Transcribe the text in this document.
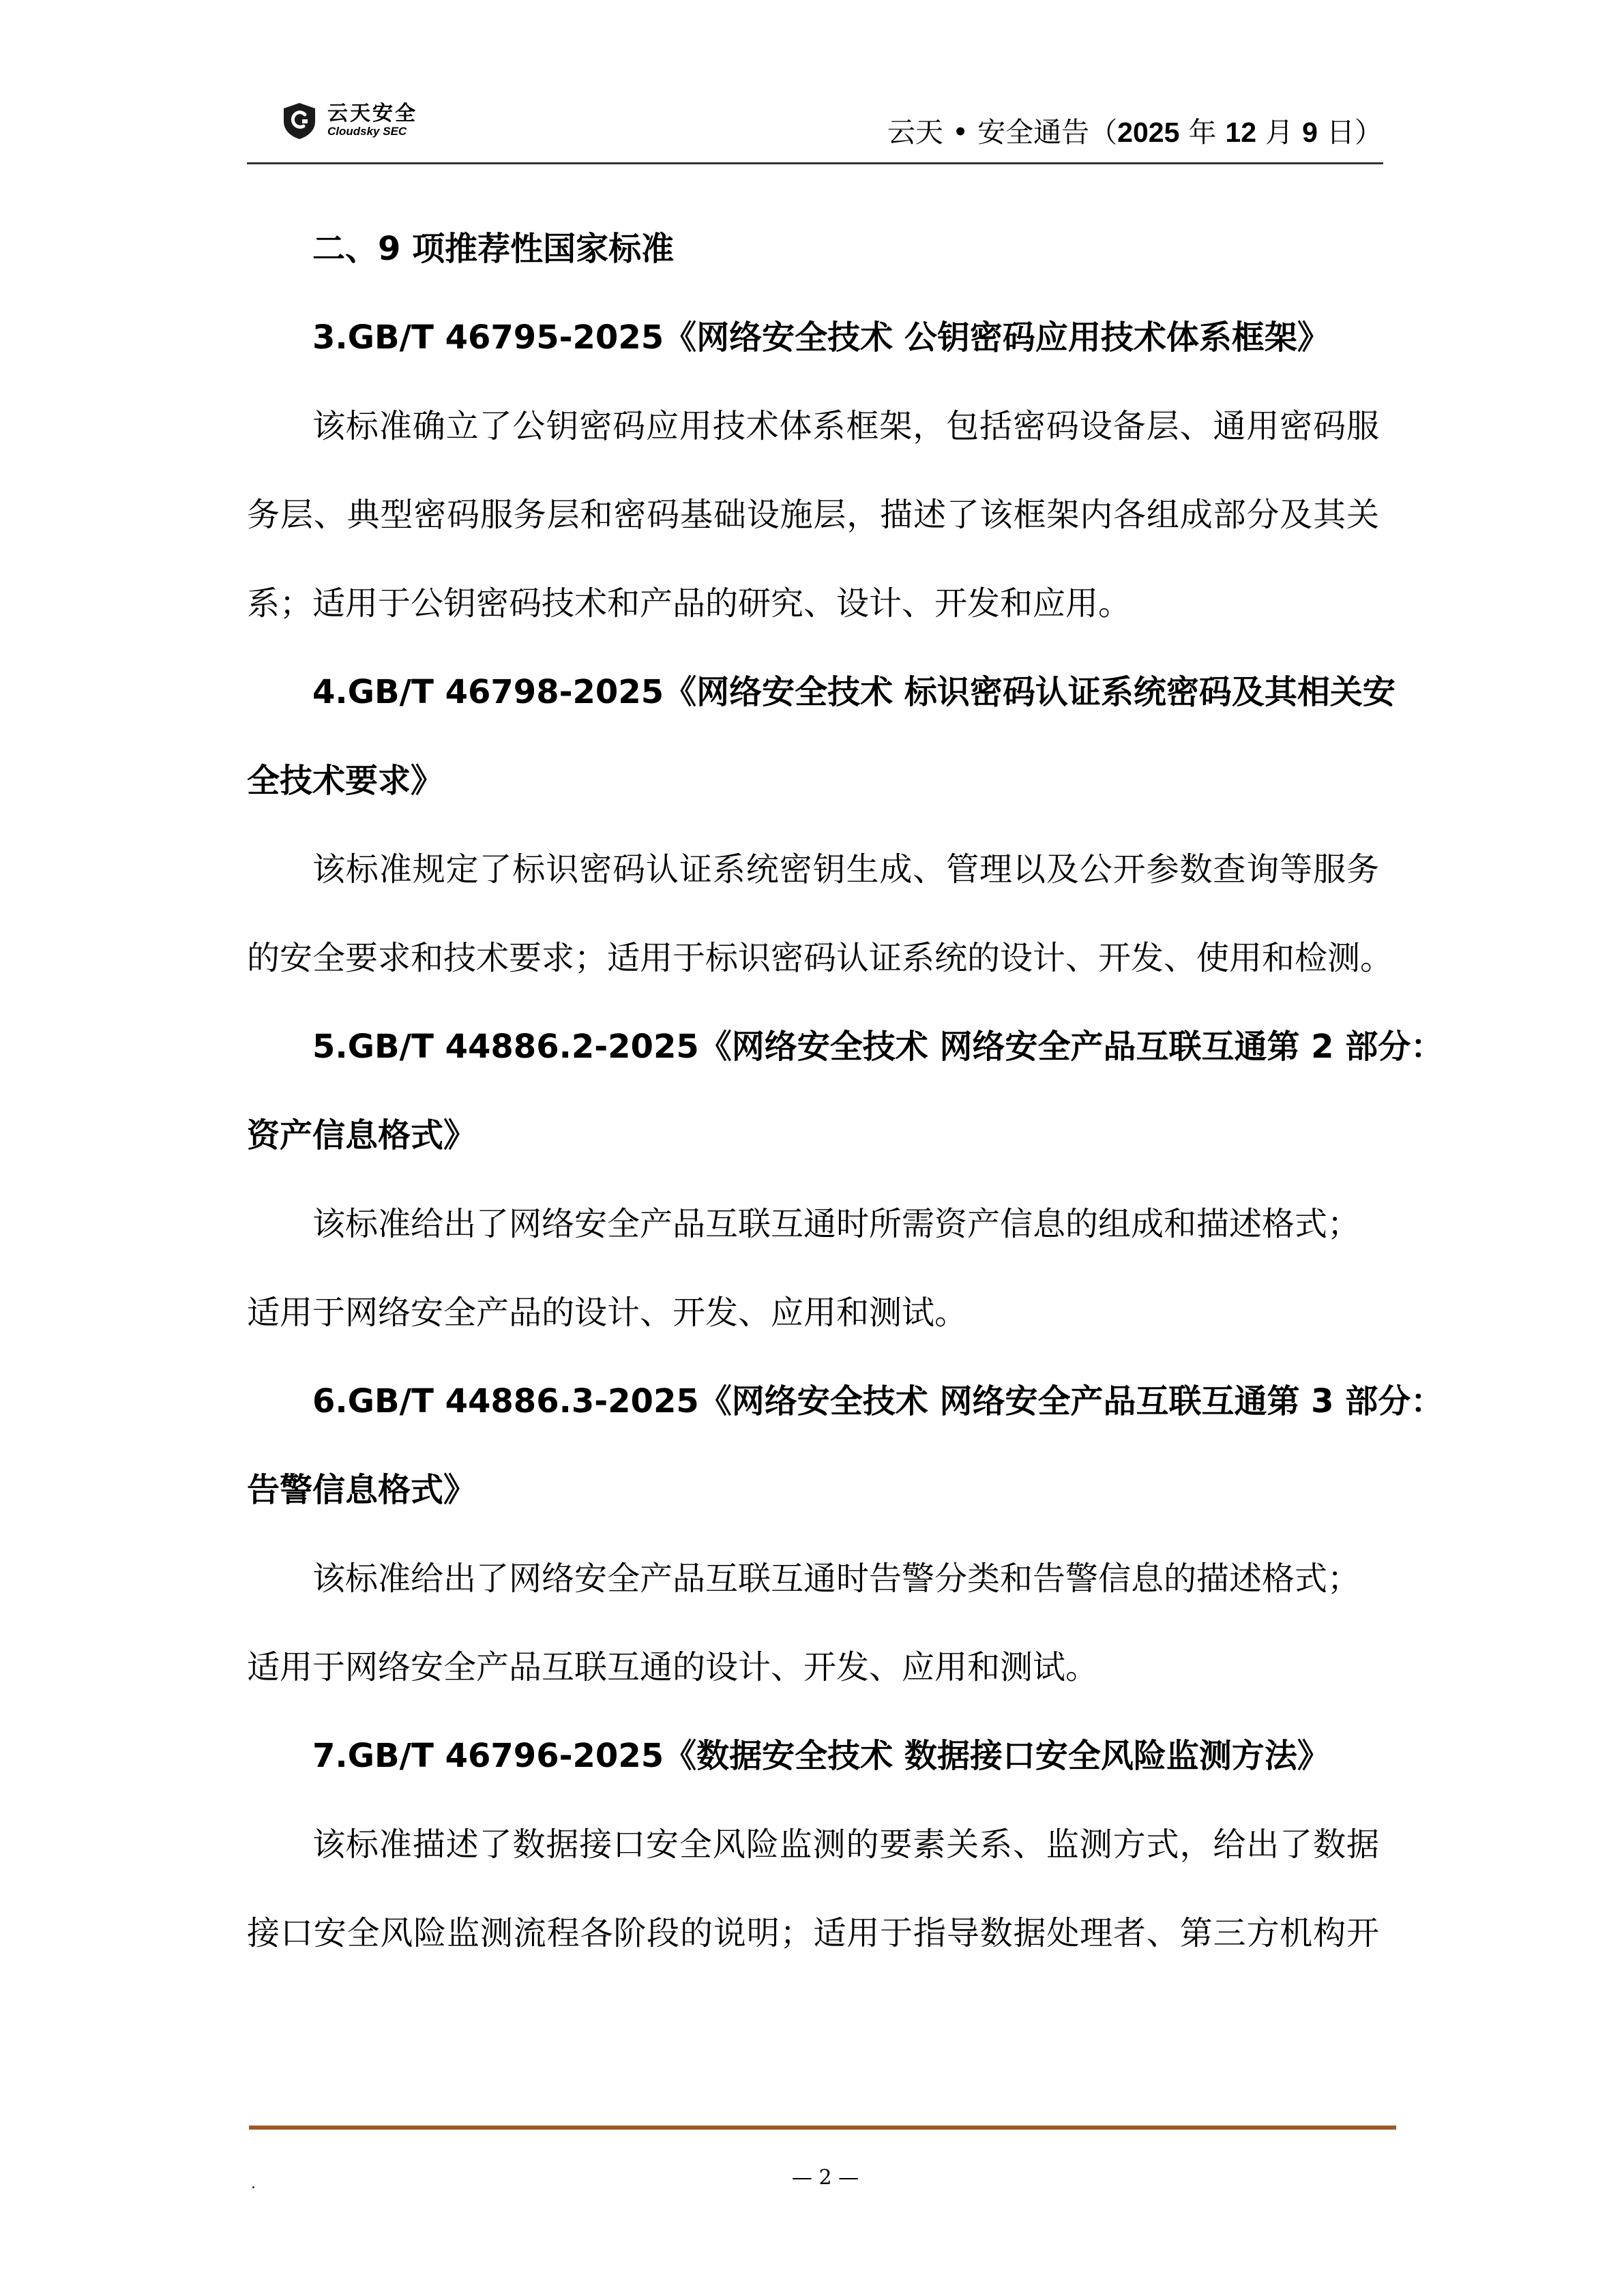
云天安全
Cloudsky SEC	云天 • 安全通告（2025 年 12 月 9 日）
二、9 项推荐性国家标准
3.GB/T 46795-2025《网络安全技术 公钥密码应用技术体系框架》
该标准确立了公钥密码应用技术体系框架，包括密码设备层、通用密码服
务层、典型密码服务层和密码基础设施层，描述了该框架内各组成部分及其关
系；适用于公钥密码技术和产品的研究、设计、开发和应用。
4.GB/T 46798-2025《网络安全技术 标识密码认证系统密码及其相关安
全技术要求》
该标准规定了标识密码认证系统密钥生成、管理以及公开参数查询等服务
的安全要求和技术要求；适用于标识密码认证系统的设计、开发、使用和检测。
5.GB/T 44886.2-2025《网络安全技术 网络安全产品互联互通第 2 部分：
资产信息格式》
该标准给出了网络安全产品互联互通时所需资产信息的组成和描述格式；
适用于网络安全产品的设计、开发、应用和测试。
6.GB/T 44886.3-2025《网络安全技术 网络安全产品互联互通第 3 部分：
告警信息格式》
该标准给出了网络安全产品互联互通时告警分类和告警信息的描述格式；
适用于网络安全产品互联互通的设计、开发、应用和测试。
7.GB/T 46796-2025《数据安全技术 数据接口安全风险监测方法》
该标准描述了数据接口安全风险监测的要素关系、监测方式，给出了数据
接口安全风险监测流程各阶段的说明；适用于指导数据处理者、第三方机构开
.	— 2 —
